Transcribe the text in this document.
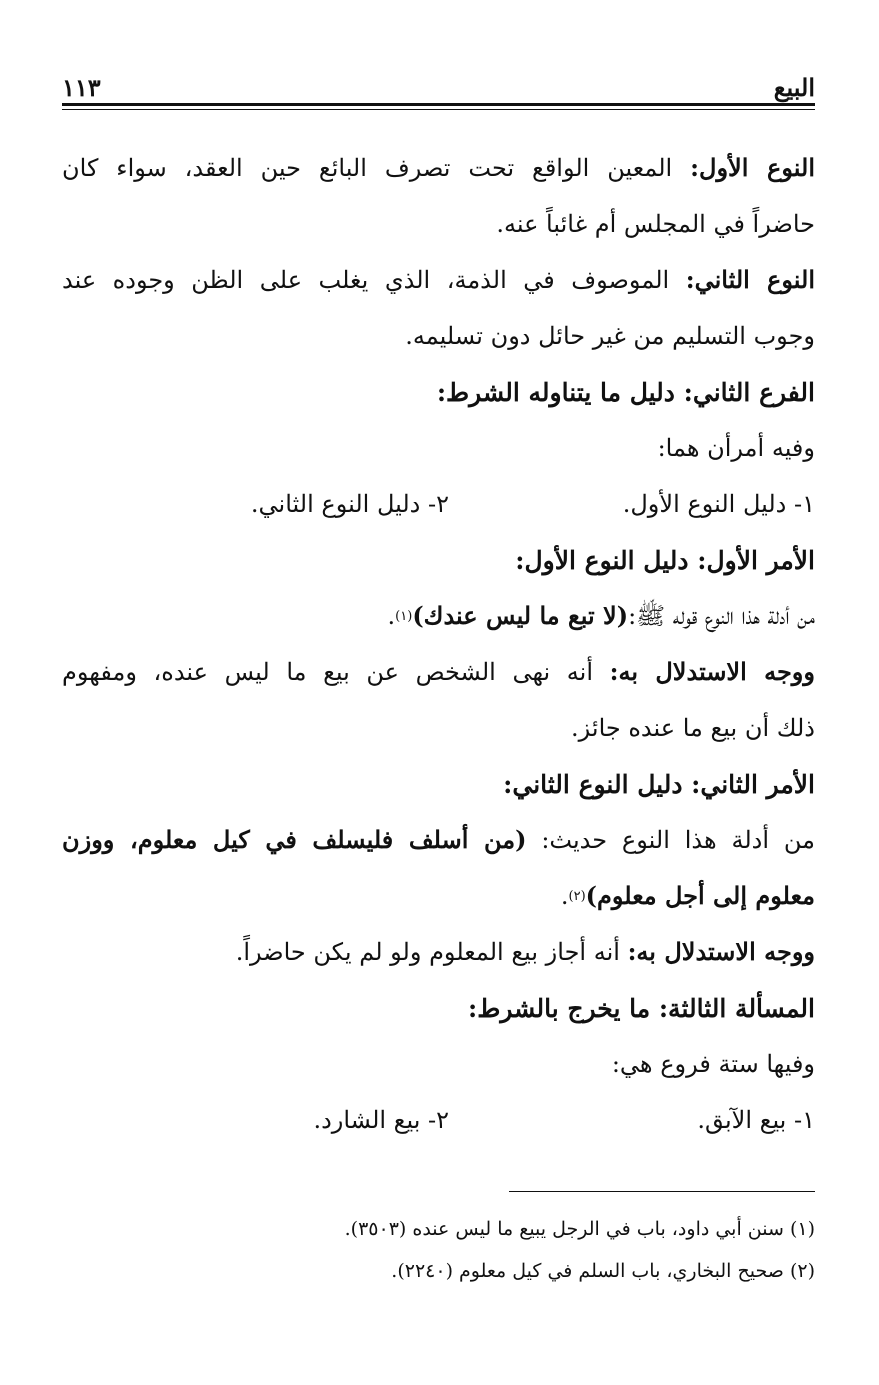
البيع
١١٣
النوع الأول: المعين الواقع تحت تصرف البائع حين العقد، سواء كان
حاضراً في المجلس أم غائباً عنه.
النوع الثاني: الموصوف في الذمة، الذي يغلب على الظن وجوده عند
وجوب التسليم من غير حائل دون تسليمه.
الفرع الثاني: دليل ما يتناوله الشرط:
وفيه أمرأن هما:
١- دليل النوع الأول.
٢- دليل النوع الثاني.
الأمر الأول: دليل النوع الأول:
من أدلة هذا النوع قوله ﷺ:
(لا تبع ما ليس عندك)
(١)
.
ووجه الاستدلال به: أنه نهى الشخص عن بيع ما ليس عنده، ومفهوم
ذلك أن بيع ما عنده جائز.
الأمر الثاني: دليل النوع الثاني:
من أدلة هذا النوع حديث: (من أسلف فليسلف في كيل معلوم، ووزن
معلوم إلى أجل معلوم)
(٢)
.
ووجه الاستدلال به:

أنه أجاز بيع المعلوم ولو لم يكن حاضراً.
المسألة الثالثة: ما يخرج بالشرط:
وفيها ستة فروع هي:
١- بيع الآبق.
٢- بيع الشارد.
(١) سنن أبي داود، باب في الرجل يبيع ما ليس عنده (٣٥٠٣).
(٢) صحيح البخاري، باب السلم في كيل معلوم (٢٢٤٠).
